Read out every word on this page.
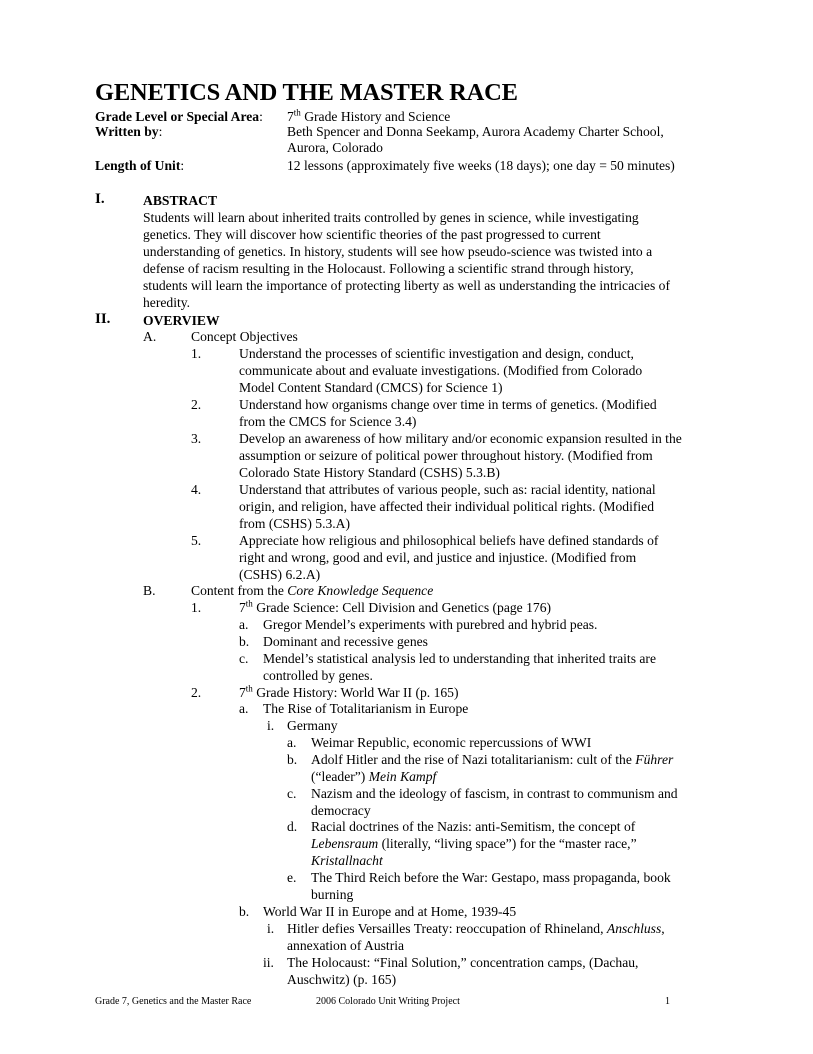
GENETICS AND THE MASTER RACE
Grade Level or Special Area: 7th Grade History and Science
Written by:	Beth Spencer and Donna Seekamp, Aurora Academy Charter School,
Aurora, Colorado
Length of Unit:	12 lessons (approximately five weeks (18 days); one day = 50 minutes)
I.	ABSTRACT
Students will learn about inherited traits controlled by genes in science, while investigating
genetics. They will discover how scientific theories of the past progressed to current
understanding of genetics. In history, students will see how pseudo-science was twisted into a
defense of racism resulting in the Holocaust. Following a scientific strand through history,
students will learn the importance of protecting liberty as well as understanding the intricacies of
heredity.
II. OVERVIEW
A.	Concept Objectives
1.	Understand the processes of scientific investigation and design, conduct,
communicate about and evaluate investigations. (Modified from Colorado
Model Content Standard (CMCS) for Science 1)
2.	Understand how organisms change over time in terms of genetics. (Modified
from the CMCS for Science 3.4)
3.	Develop an awareness of how military and/or economic expansion resulted in the
assumption or seizure of political power throughout history. (Modified from
Colorado State History Standard (CSHS) 5.3.B)
4.	Understand that attributes of various people, such as: racial identity, national
origin, and religion, have affected their individual political rights. (Modified
from (CSHS) 5.3.A)
5.	Appreciate how religious and philosophical beliefs have defined standards of
right and wrong, good and evil, and justice and injustice. (Modified from
(CSHS) 6.2.A)
B.	Content from the Core Knowledge Sequence
1.	7th Grade Science: Cell Division and Genetics (page 176)
a. Gregor Mendel’s experiments with purebred and hybrid peas.
b. Dominant and recessive genes
c. Mendel’s statistical analysis led to understanding that inherited traits are
controlled by genes.
2.	7th Grade History: World War II (p. 165)
a. The Rise of Totalitarianism in Europe
i. Germany
a. Weimar Republic, economic repercussions of WWI
b. Adolf Hitler and the rise of Nazi totalitarianism: cult of the Führer
(“leader”) Mein Kampf
c. Nazism and the ideology of fascism, in contrast to communism and
democracy
d. Racial doctrines of the Nazis: anti-Semitism, the concept of
Lebensraum (literally, “living space”) for the “master race,”
Kristallnacht
e. The Third Reich before the War: Gestapo, mass propaganda, book
burning
b. World War II in Europe and at Home, 1939-45
i. Hitler defies Versailles Treaty: reoccupation of Rhineland, Anschluss,
annexation of Austria
ii. The Holocaust: “Final Solution,” concentration camps, (Dachau,
Auschwitz) (p. 165)
Grade 7, Genetics and the Master Race	2006 Colorado Unit Writing Project	1
